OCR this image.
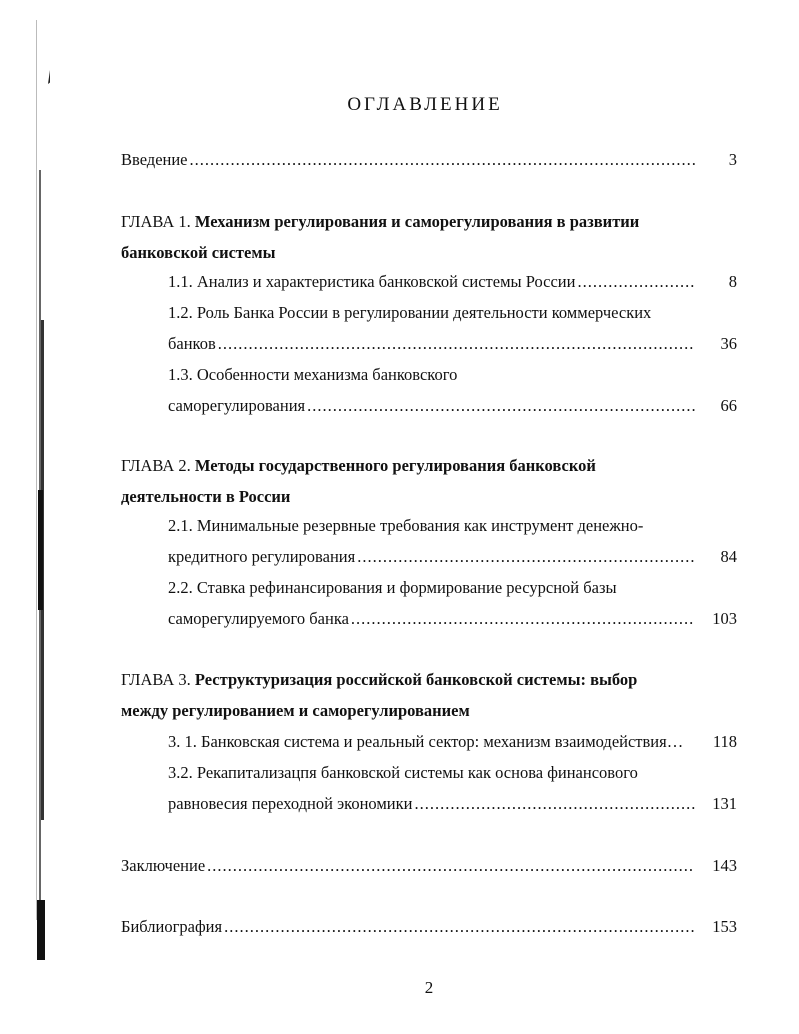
ОГЛАВЛЕНИЕ
Введение .....	3
ГЛАВА 1. Механизм регулирования и саморегулирования в развитии
банковской системы
1.1. Анализ и характеристика банковской системы России .....	8
1.2. Роль Банка России в регулировании деятельности коммерческих
банков .....	36
1.3. Особенности механизма банковского
саморегулирования .....	66
ГЛАВА 2. Методы государственного регулирования банковской
деятельности в России
2.1. Минимальные резервные требования как инструмент денежно-
кредитного регулирования .....	84
2.2. Ставка рефинансирования и формирование ресурсной базы
саморегулируемого банка .....	103
ГЛАВА 3. Реструктуризация российской банковской системы: выбор
между регулированием и саморегулированием
3. 1. Банковская система и реальный сектор: механизм взаимодействия…	118
3.2. Рекапитализацпя банковской системы как основа финансового
равновесия переходной экономики .....	131
Заключение .....	143
Библиография .....	153
2
